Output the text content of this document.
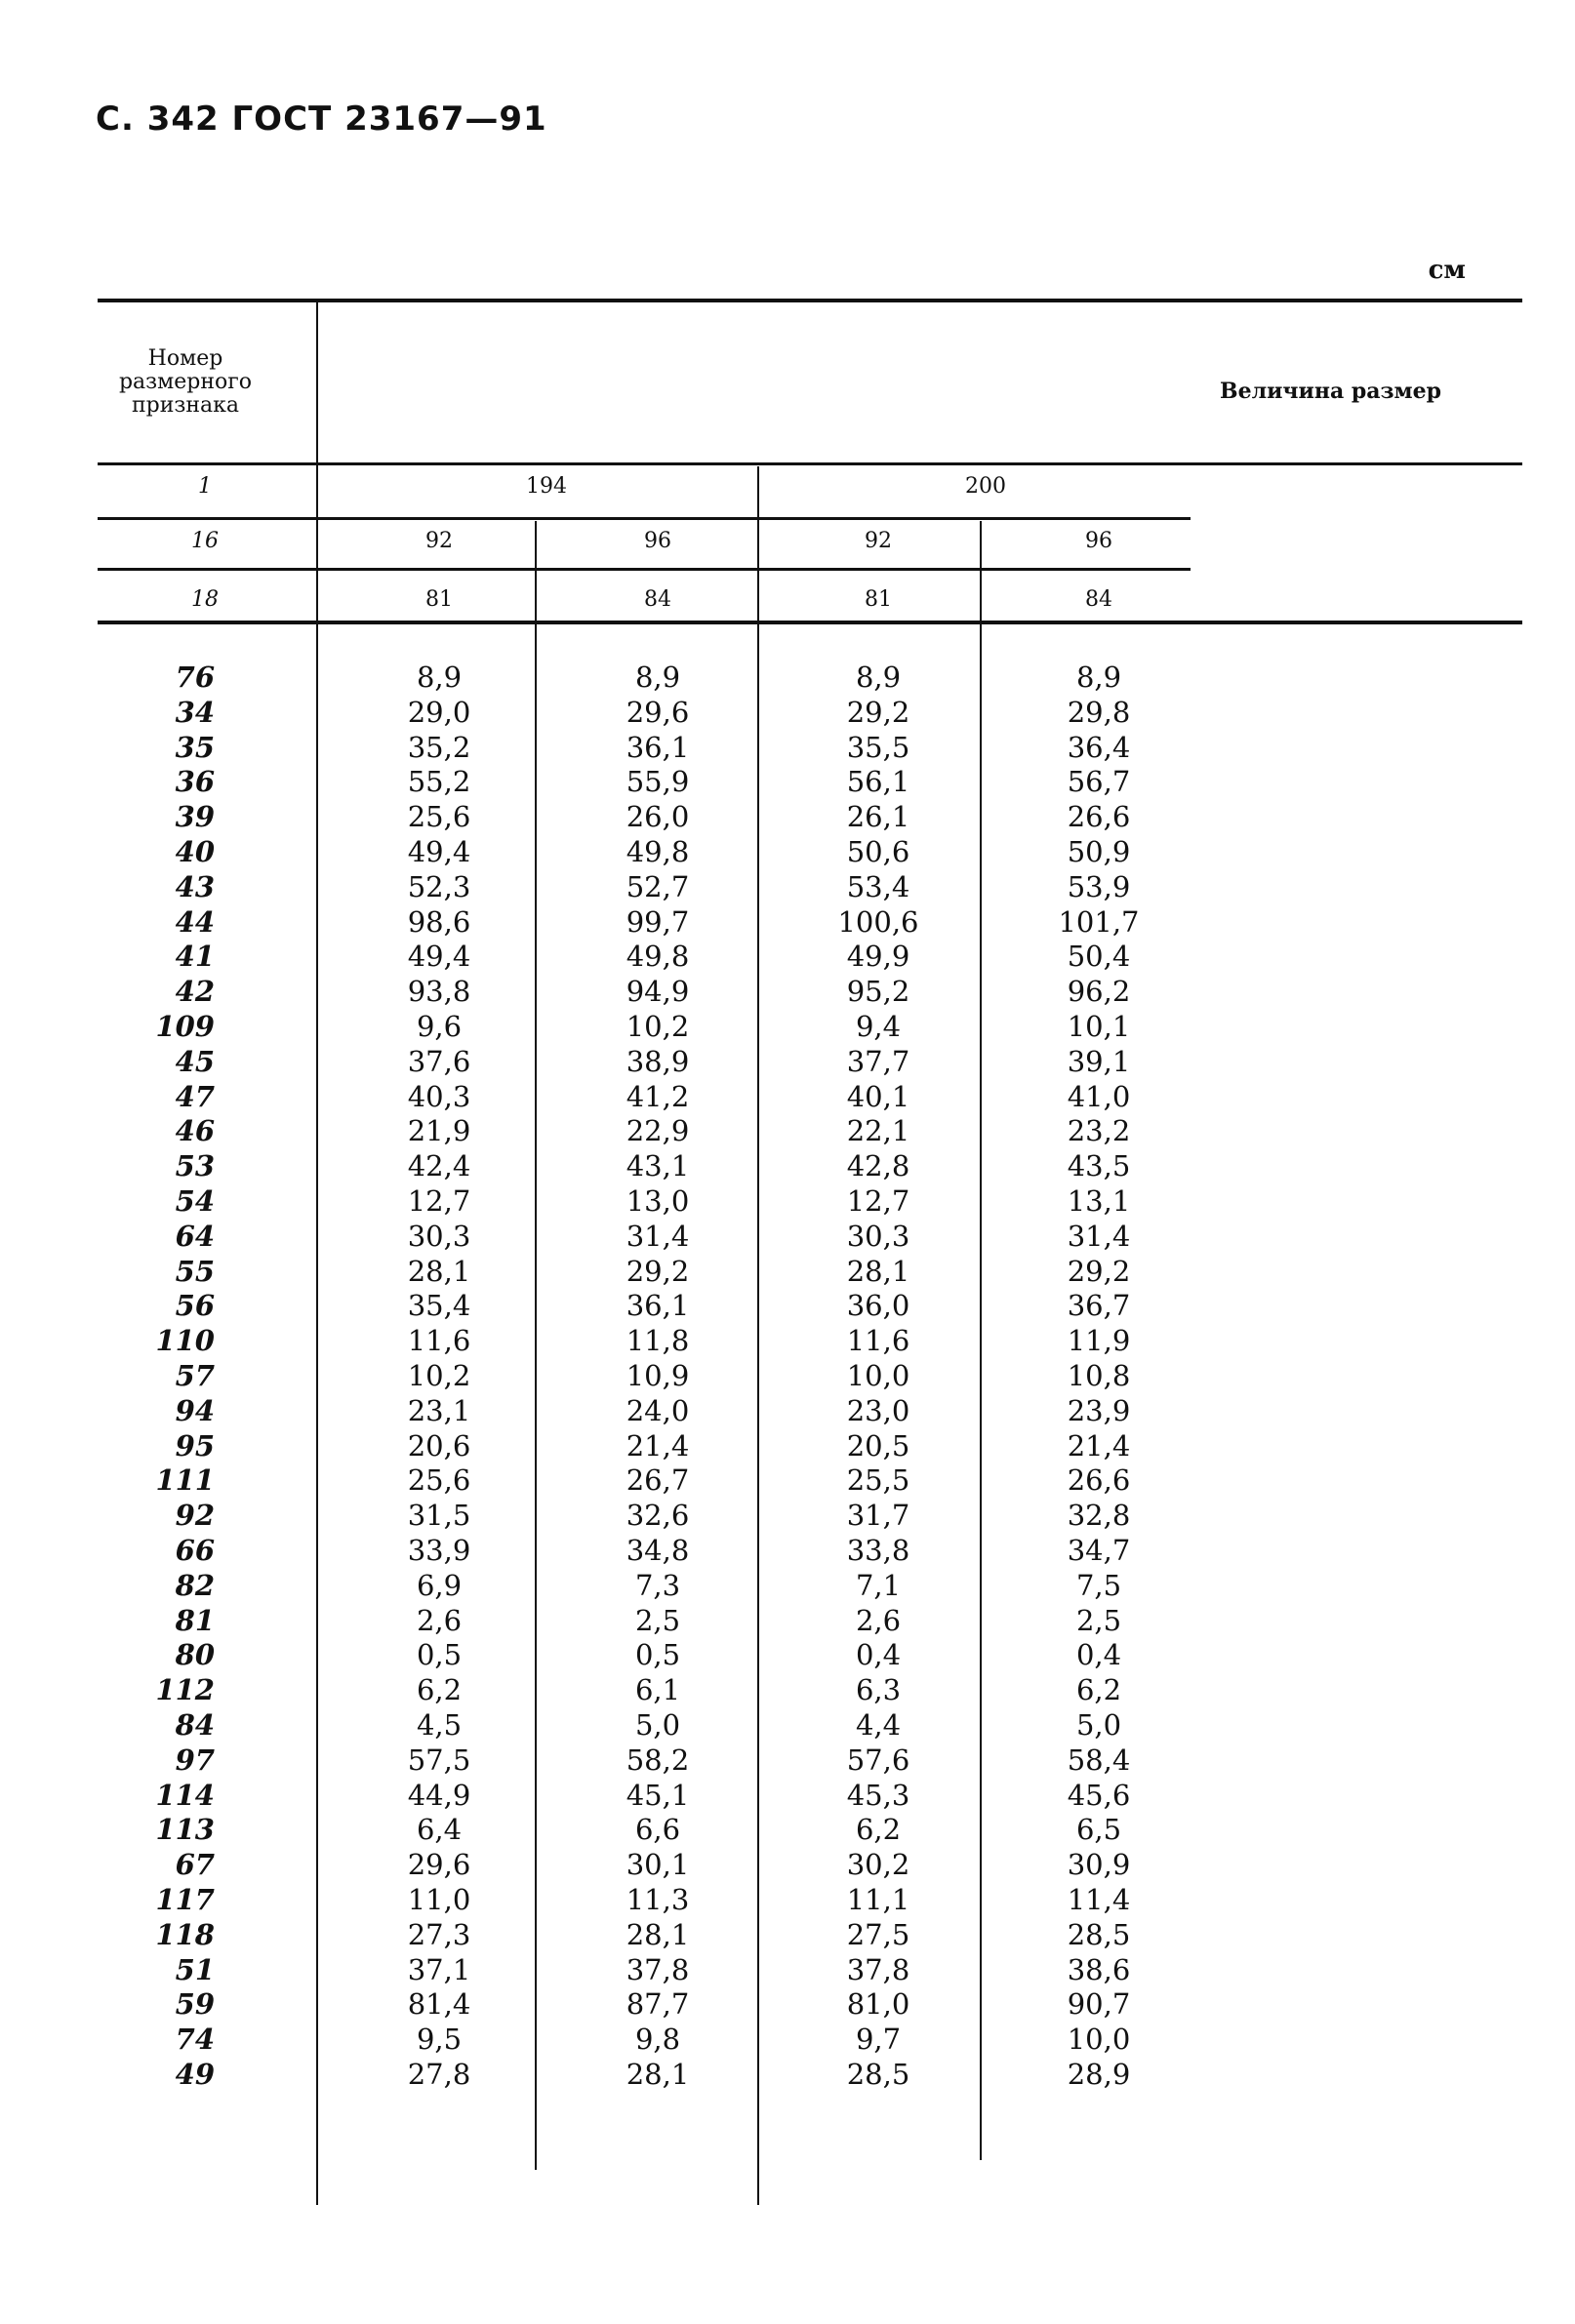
С. 342 ГОСТ 23167—91
см
Номер размерного признака
Величина размер
1	194	200
16	92	96	92	96
18	81	84	81	84
76	8,9	8,9	8,9	8,9
34	29,0	29,6	29,2	29,8
35	35,2	36,1	35,5	36,4
36	55,2	55,9	56,1	56,7
39	25,6	26,0	26,1	26,6
40	49,4	49,8	50,6	50,9
43	52,3	52,7	53,4	53,9
44	98,6	99,7	100,6	101,7
41	49,4	49,8	49,9	50,4
42	93,8	94,9	95,2	96,2
109	9,6	10,2	9,4	10,1
45	37,6	38,9	37,7	39,1
47	40,3	41,2	40,1	41,0
46	21,9	22,9	22,1	23,2
53	42,4	43,1	42,8	43,5
54	12,7	13,0	12,7	13,1
64	30,3	31,4	30,3	31,4
55	28,1	29,2	28,1	29,2
56	35,4	36,1	36,0	36,7
110	11,6	11,8	11,6	11,9
57	10,2	10,9	10,0	10,8
94	23,1	24,0	23,0	23,9
95	20,6	21,4	20,5	21,4
111	25,6	26,7	25,5	26,6
92	31,5	32,6	31,7	32,8
66	33,9	34,8	33,8	34,7
82	6,9	7,3	7,1	7,5
81	2,6	2,5	2,6	2,5
80	0,5	0,5	0,4	0,4
112	6,2	6,1	6,3	6,2
84	4,5	5,0	4,4	5,0
97	57,5	58,2	57,6	58,4
114	44,9	45,1	45,3	45,6
113	6,4	6,6	6,2	6,5
67	29,6	30,1	30,2	30,9
117	11,0	11,3	11,1	11,4
118	27,3	28,1	27,5	28,5
51	37,1	37,8	37,8	38,6
59	81,4	87,7	81,0	90,7
74	9,5	9,8	9,7	10,0
49	27,8	28,1	28,5	28,9
